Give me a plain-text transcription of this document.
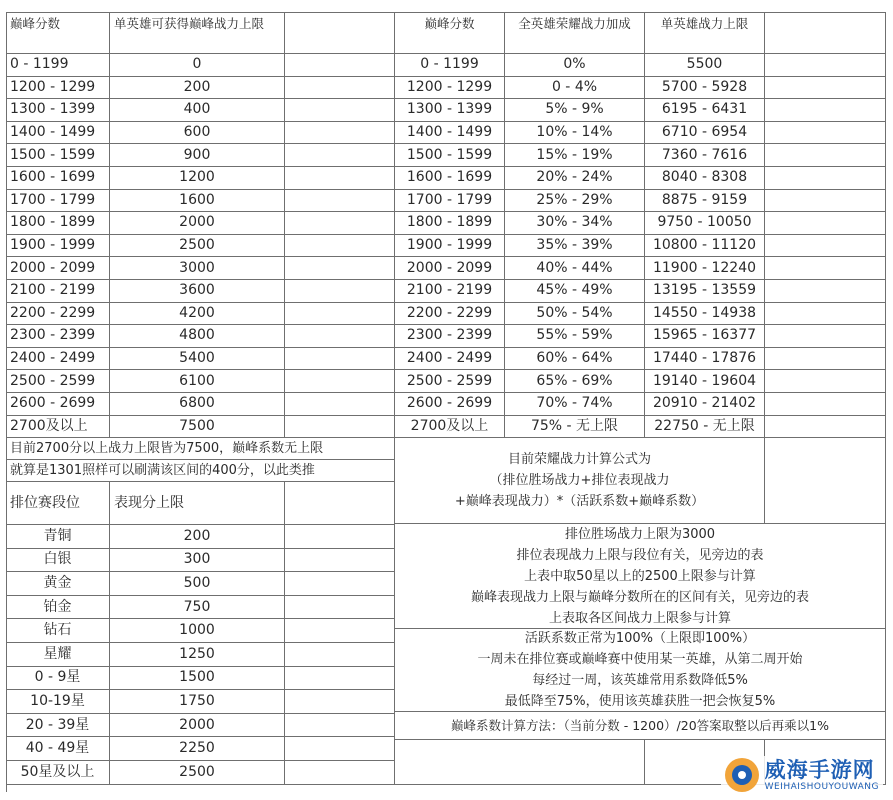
巅峰分数	单英雄可获得巅峰战力上限	巅峰分数	全英雄荣耀战力加成	单英雄战力上限
0 - 1199	0	0 - 1199	0%	5500
1200 - 1299	200	1200 - 1299	0 - 4%	5700 - 5928
1300 - 1399	400	1300 - 1399	5% - 9%	6195 - 6431
1400 - 1499	600	1400 - 1499	10% - 14%	6710 - 6954
1500 - 1599	900	1500 - 1599	15% - 19%	7360 - 7616
1600 - 1699	1200	1600 - 1699	20% - 24%	8040 - 8308
1700 - 1799	1600	1700 - 1799	25% - 29%	8875 - 9159
1800 - 1899	2000	1800 - 1899	30% - 34%	9750 - 10050
1900 - 1999	2500	1900 - 1999	35% - 39%	10800 - 11120
2000 - 2099	3000	2000 - 2099	40% - 44%	11900 - 12240
2100 - 2199	3600	2100 - 2199	45% - 49%	13195 - 13559
2200 - 2299	4200	2200 - 2299	50% - 54%	14550 - 14938
2300 - 2399	4800	2300 - 2399	55% - 59%	15965 - 16377
2400 - 2499	5400	2400 - 2499	60% - 64%	17440 - 17876
2500 - 2599	6100	2500 - 2599	65% - 69%	19140 - 19604
2600 - 2699	6800	2600 - 2699	70% - 74%	20910 - 21402
2700及以上	7500	2700及以上	75% - 无上限	22750 - 无上限
目前2700分以上战力上限皆为7500，巅峰系数无上限
就算是1301照样可以刷满该区间的400分，以此类推
目前荣耀战力计算公式为
（排位胜场战力+排位表现战力
+巅峰表现战力）*（活跃系数+巅峰系数）
排位赛段位	表现分上限
青铜	200
白银	300
黄金	500
铂金	750
钻石	1000
星耀	1250
0 - 9星	1500
10-19星	1750
20 - 39星	2000
40 - 49星	2250
50星及以上	2500
排位胜场战力上限为3000
排位表现战力上限与段位有关，见旁边的表
上表中取50星以上的2500上限参与计算
巅峰表现战力上限与巅峰分数所在的区间有关，见旁边的表
上表取各区间战力上限参与计算
活跃系数正常为100%（上限即100%）
一周未在排位赛或巅峰赛中使用某一英雄，从第二周开始
每经过一周，该英雄常用系数降低5%
最低降至75%，使用该英雄获胜一把会恢复5%
巅峰系数计算方法：（当前分数 - 1200）/20答案取整以后再乘以1%
威海手游网
WEIHAISHOUYOUWANG
